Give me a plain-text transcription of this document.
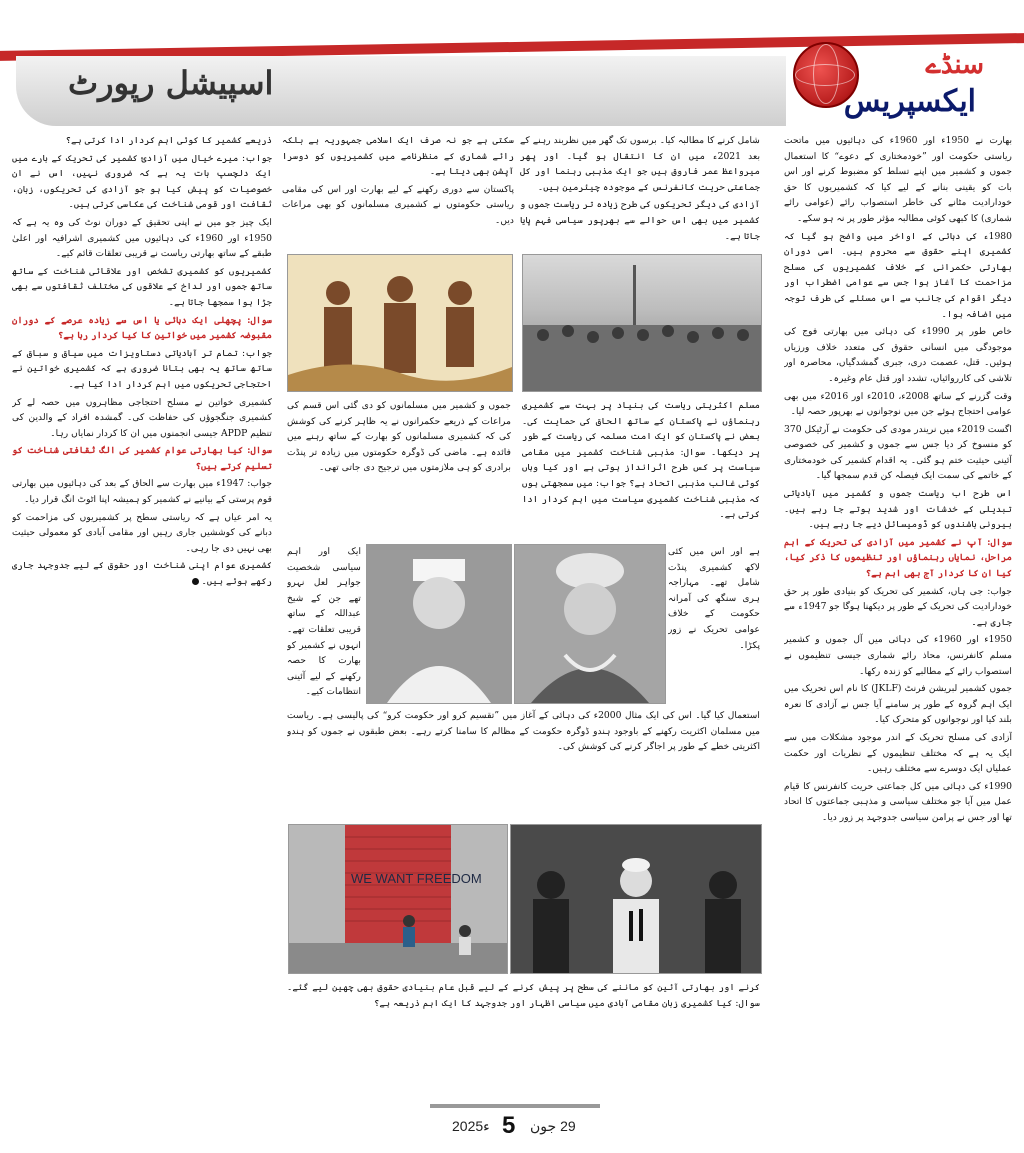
اسپیشل رپورٹ	سنڈے
ایکسپریس

بھارت نے 1950ء اور 1960ء کی دہائیوں میں ماتحت ریاستی حکومت اور ”خودمختاری کے دعوے“ کا استعمال جموں و کشمیر میں اپنے تسلط کو مضبوط کرنے اور اس بات کو یقینی بنانے کے لیے کیا کہ کشمیریوں کا حق خودارادیت مٹانے کی خاطر استصواب رائے (عوامی رائے شماری) کا کبھی کوئی مطالبہ مؤثر طور پر نہ ہو سکے۔

1980ء کی دہائی کے اواخر میں واضح ہو گیا کہ کشمیری اپنے حقوق سے محروم ہیں۔ اسی دوران بھارتی حکمرانی کے خلاف کشمیریوں کی مسلح مزاحمت کا آغاز ہوا جس سے عوامی اضطراب اور دیگر اقوام کی جانب سے اس مسئلے کی طرف توجہ میں اضافہ ہوا۔

خاص طور پر 1990ء کی دہائی میں بھارتی فوج کی موجودگی میں انسانی حقوق کی متعدد خلاف ورزیاں ہوئیں۔ قتل، عصمت دری، جبری گمشدگیاں، محاصرہ اور تلاشی کی کارروائیاں، تشدد اور قتل عام وغیرہ۔

وقت گزرنے کے ساتھ 2008ء، 2010ء اور 2016ء میں بھی عوامی احتجاج ہوئے جن میں نوجوانوں نے بھرپور حصہ لیا۔

اگست 2019ء میں نریندر مودی کی حکومت نے آرٹیکل 370 کو منسوخ کر دیا جس سے جموں و کشمیر کی خصوصی آئینی حیثیت ختم ہو گئی۔ یہ اقدام کشمیر کی خودمختاری کے خاتمے کی سمت ایک فیصلہ کن قدم سمجھا گیا۔

اس طرح اب ریاست جموں و کشمیر میں آبادیاتی تبدیلی کے خدشات اور شدید ہوتے جا رہے ہیں۔ بیرونی باشندوں کو ڈومیسائل دیے جا رہے ہیں۔

سوال: آپ نے کشمیر میں آزادی کی تحریک کے اہم مراحل، نمایاں رہنماؤں اور تنظیموں کا ذکر کیا، کیا ان کا کردار آج بھی اہم ہے؟

جواب: جی ہاں، کشمیر کی تحریک کو بنیادی طور پر حق خودارادیت کی تحریک کے طور پر دیکھنا ہوگا جو 1947ء سے جاری ہے۔

1950ء اور 1960ء کی دہائی میں آل جموں و کشمیر مسلم کانفرنس، محاذ رائے شماری جیسی تنظیموں نے استصواب رائے کے مطالبے کو زندہ رکھا۔

جموں کشمیر لبریشن فرنٹ (JKLF) کا نام اس تحریک میں ایک اہم گروہ کے طور پر سامنے آیا جس نے آزادی کا نعرہ بلند کیا اور نوجوانوں کو متحرک کیا۔

آزادی کی مسلح تحریک کے اندر موجود مشکلات میں سے ایک یہ ہے کہ مختلف تنظیموں کے نظریات اور حکمت عملیاں ایک دوسرے سے مختلف رہیں۔

1990ء کی دہائی میں کل جماعتی حریت کانفرنس کا قیام عمل میں آیا جو مختلف سیاسی و مذہبی جماعتوں کا اتحاد تھا اور جس نے پرامن سیاسی جدوجہد پر زور دیا۔

شامل کرنے کا مطالبہ کیا۔ برسوں تک گھر میں نظربند رہنے کے بعد 2021ء میں ان کا انتقال ہو گیا۔ اور پھر میرواعظ عمر فاروق ہیں جو ایک مذہبی رہنما اور کل جماعتی حریت کانفرنس کے موجودہ چیئرمین ہیں۔

آزادی کی دیگر تحریکوں کی طرح زیادہ تر ریاست جموں و کشمیر میں بھی اس حوالے سے بھرپور سیاسی فہم پایا جاتا ہے۔

سکتی ہے جو نہ صرف ایک اسلامی جمہوریہ ہے بلکہ رائے شماری کے منظرنامے میں کشمیریوں کو دوسرا آپشن بھی دیتا ہے۔

پاکستان سے دوری رکھنے کے لیے بھارت اور اس کی مقامی ریاستی حکومتوں نے کشمیری مسلمانوں کو بھی مراعات دیں۔

ذریعے کشمیر کا کوئی اہم کردار ادا کرتی ہے؟

جواب: میرے خیال میں آزادیٔ کشمیر کی تحریک کے بارے میں ایک دلچسپ بات یہ ہے کہ ضروری نہیں، اس نے ان خصوصیات کو پیش کیا ہو جو آزادی کی تحریکوں، زبان، ثقافت اور قومی شناخت کی عکاسی کرتی ہیں۔

ایک چیز جو میں نے اپنی تحقیق کے دوران نوٹ کی وہ یہ ہے کہ 1950ء اور 1960ء کی دہائیوں میں کشمیری اشرافیہ اور اعلیٰ طبقے کے ساتھ بھارتی ریاست نے قریبی تعلقات قائم کیے۔

کشمیریوں کو کشمیری تشخص اور علاقائی شناخت کے ساتھ ساتھ جموں اور لداخ کے علاقوں کی مختلف ثقافتوں سے بھی جڑا ہوا سمجھا جاتا ہے۔

سوال: پچھلی ایک دہائی یا اس سے زیادہ عرصے کے دوران مقبوضہ کشمیر میں خواتین کا کیا کردار رہا ہے؟

جواب: تمام تر آبادیاتی دستاویزات میں سیاق و سباق کے ساتھ ساتھ یہ بھی بتانا ضروری ہے کہ کشمیری خواتین نے احتجاجی تحریکوں میں اہم کردار ادا کیا ہے۔

کشمیری خواتین نے مسلح احتجاجی مظاہروں میں حصہ لے کر کشمیری جنگجوؤں کی حفاظت کی۔ گمشدہ افراد کے والدین کی تنظیم APDP جیسی انجمنوں میں ان کا کردار نمایاں رہا۔

سوال: کیا بھارتی عوام کشمیر کی الگ ثقافتی شناخت کو تسلیم کرتے ہیں؟

جواب: 1947ء میں بھارت سے الحاق کے بعد کی دہائیوں میں بھارتی قوم پرستی کے بیانیے نے کشمیر کو ہمیشہ اپنا اٹوٹ انگ قرار دیا۔

یہ امر عیاں ہے کہ ریاستی سطح پر کشمیریوں کی مزاحمت کو دبانے کی کوششیں جاری رہیں اور مقامی آبادی کو معمولی حیثیت بھی نہیں دی جا رہی۔

کشمیری عوام اپنی شناخت اور حقوق کے لیے جدوجہد جاری رکھے ہوئے ہیں۔

WE WANT FREEDOM

مسلم اکثریتی ریاست کی بنیاد پر بہت سے کشمیری رہنماؤں نے پاکستان کے ساتھ الحاق کی حمایت کی۔ بعض نے پاکستان کو ایک امت مسلمہ کی ریاست کے طور پر دیکھا۔ سوال: مذہبی شناخت کشمیر میں مقامی سیاست پر کس طرح اثرانداز ہوتی ہے اور کیا وہاں کوئی غالب مذہبی اتحاد ہے؟ جواب: میں سمجھتی ہوں کہ مذہبی شناخت کشمیری سیاست میں اہم کردار ادا کرتی ہے۔

جموں و کشمیر میں مسلمانوں کو دی گئی اس قسم کی مراعات کے ذریعے حکمرانوں نے یہ ظاہر کرنے کی کوشش کی کہ کشمیری مسلمانوں کو بھارت کے ساتھ رہنے میں فائدہ ہے۔ ماضی کی ڈوگرہ حکومتوں میں زیادہ تر پنڈت برادری کو ہی ملازمتوں میں ترجیح دی جاتی تھی۔

ہے اور اس میں کئی لاکھ کشمیری پنڈت شامل تھے۔ مہاراجہ ہری سنگھ کی آمرانہ حکومت کے خلاف عوامی تحریک نے زور پکڑا۔

ایک اور اہم سیاسی شخصیت جواہر لعل نہرو تھے جن کے شیخ عبداللہ کے ساتھ قریبی تعلقات تھے۔ انہوں نے کشمیر کو بھارت کا حصہ رکھنے کے لیے آئینی انتظامات کیے۔

استعمال کیا گیا۔ اس کی ایک مثال 2000ء کی دہائی کے آغاز میں ”تقسیم کرو اور حکومت کرو“ کی پالیسی ہے۔ ریاست میں مسلمان اکثریت رکھنے کے باوجود ہندو ڈوگرہ حکومت کے مظالم کا سامنا کرتے رہے۔ بعض طبقوں نے جموں کو ہندو اکثریتی خطے کے طور پر اجاگر کرنے کی کوشش کی۔

کرنے اور بھارتی آئین کو ماننے کی سطح پر پیش کرنے کے لیے قبل عام بنیادی حقوق بھی چھین لیے گئے۔ سوال: کیا کشمیری زبان مقامی آبادی میں سیاسی اظہار اور جدوجہد کا ایک اہم ذریعہ ہے؟

2025ء 5 29 جون
